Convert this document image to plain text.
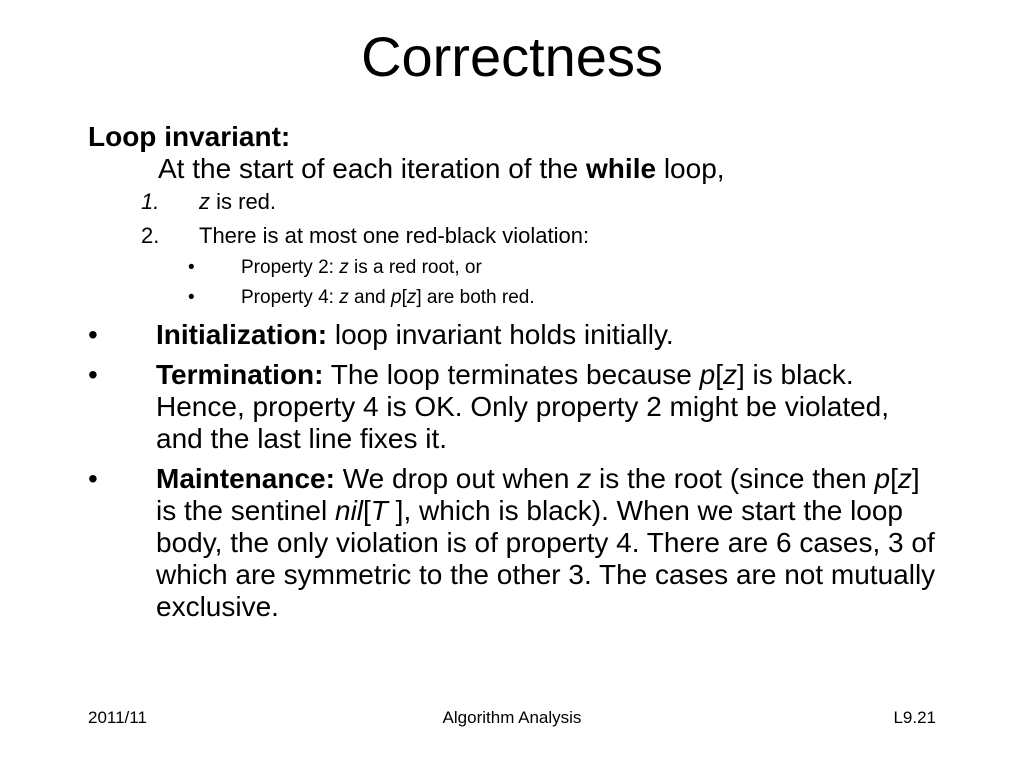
Correctness
Loop invariant:
At the start of each iteration of the while loop,
1. z is red.
2. There is at most one red-black violation:
• Property 2: z is a red root, or
• Property 4: z and p[z] are both red.
• Initialization: loop invariant holds initially.
• Termination: The loop terminates because p[z] is black. Hence, property 4 is OK. Only property 2 might be violated, and the last line fixes it.
• Maintenance: We drop out when z is the root (since then p[z] is the sentinel nil[T ], which is black). When we start the loop body, the only violation is of property 4. There are 6 cases, 3 of which are symmetric to the other 3. The cases are not mutually exclusive.
2011/11	Algorithm Analysis	L9.21
